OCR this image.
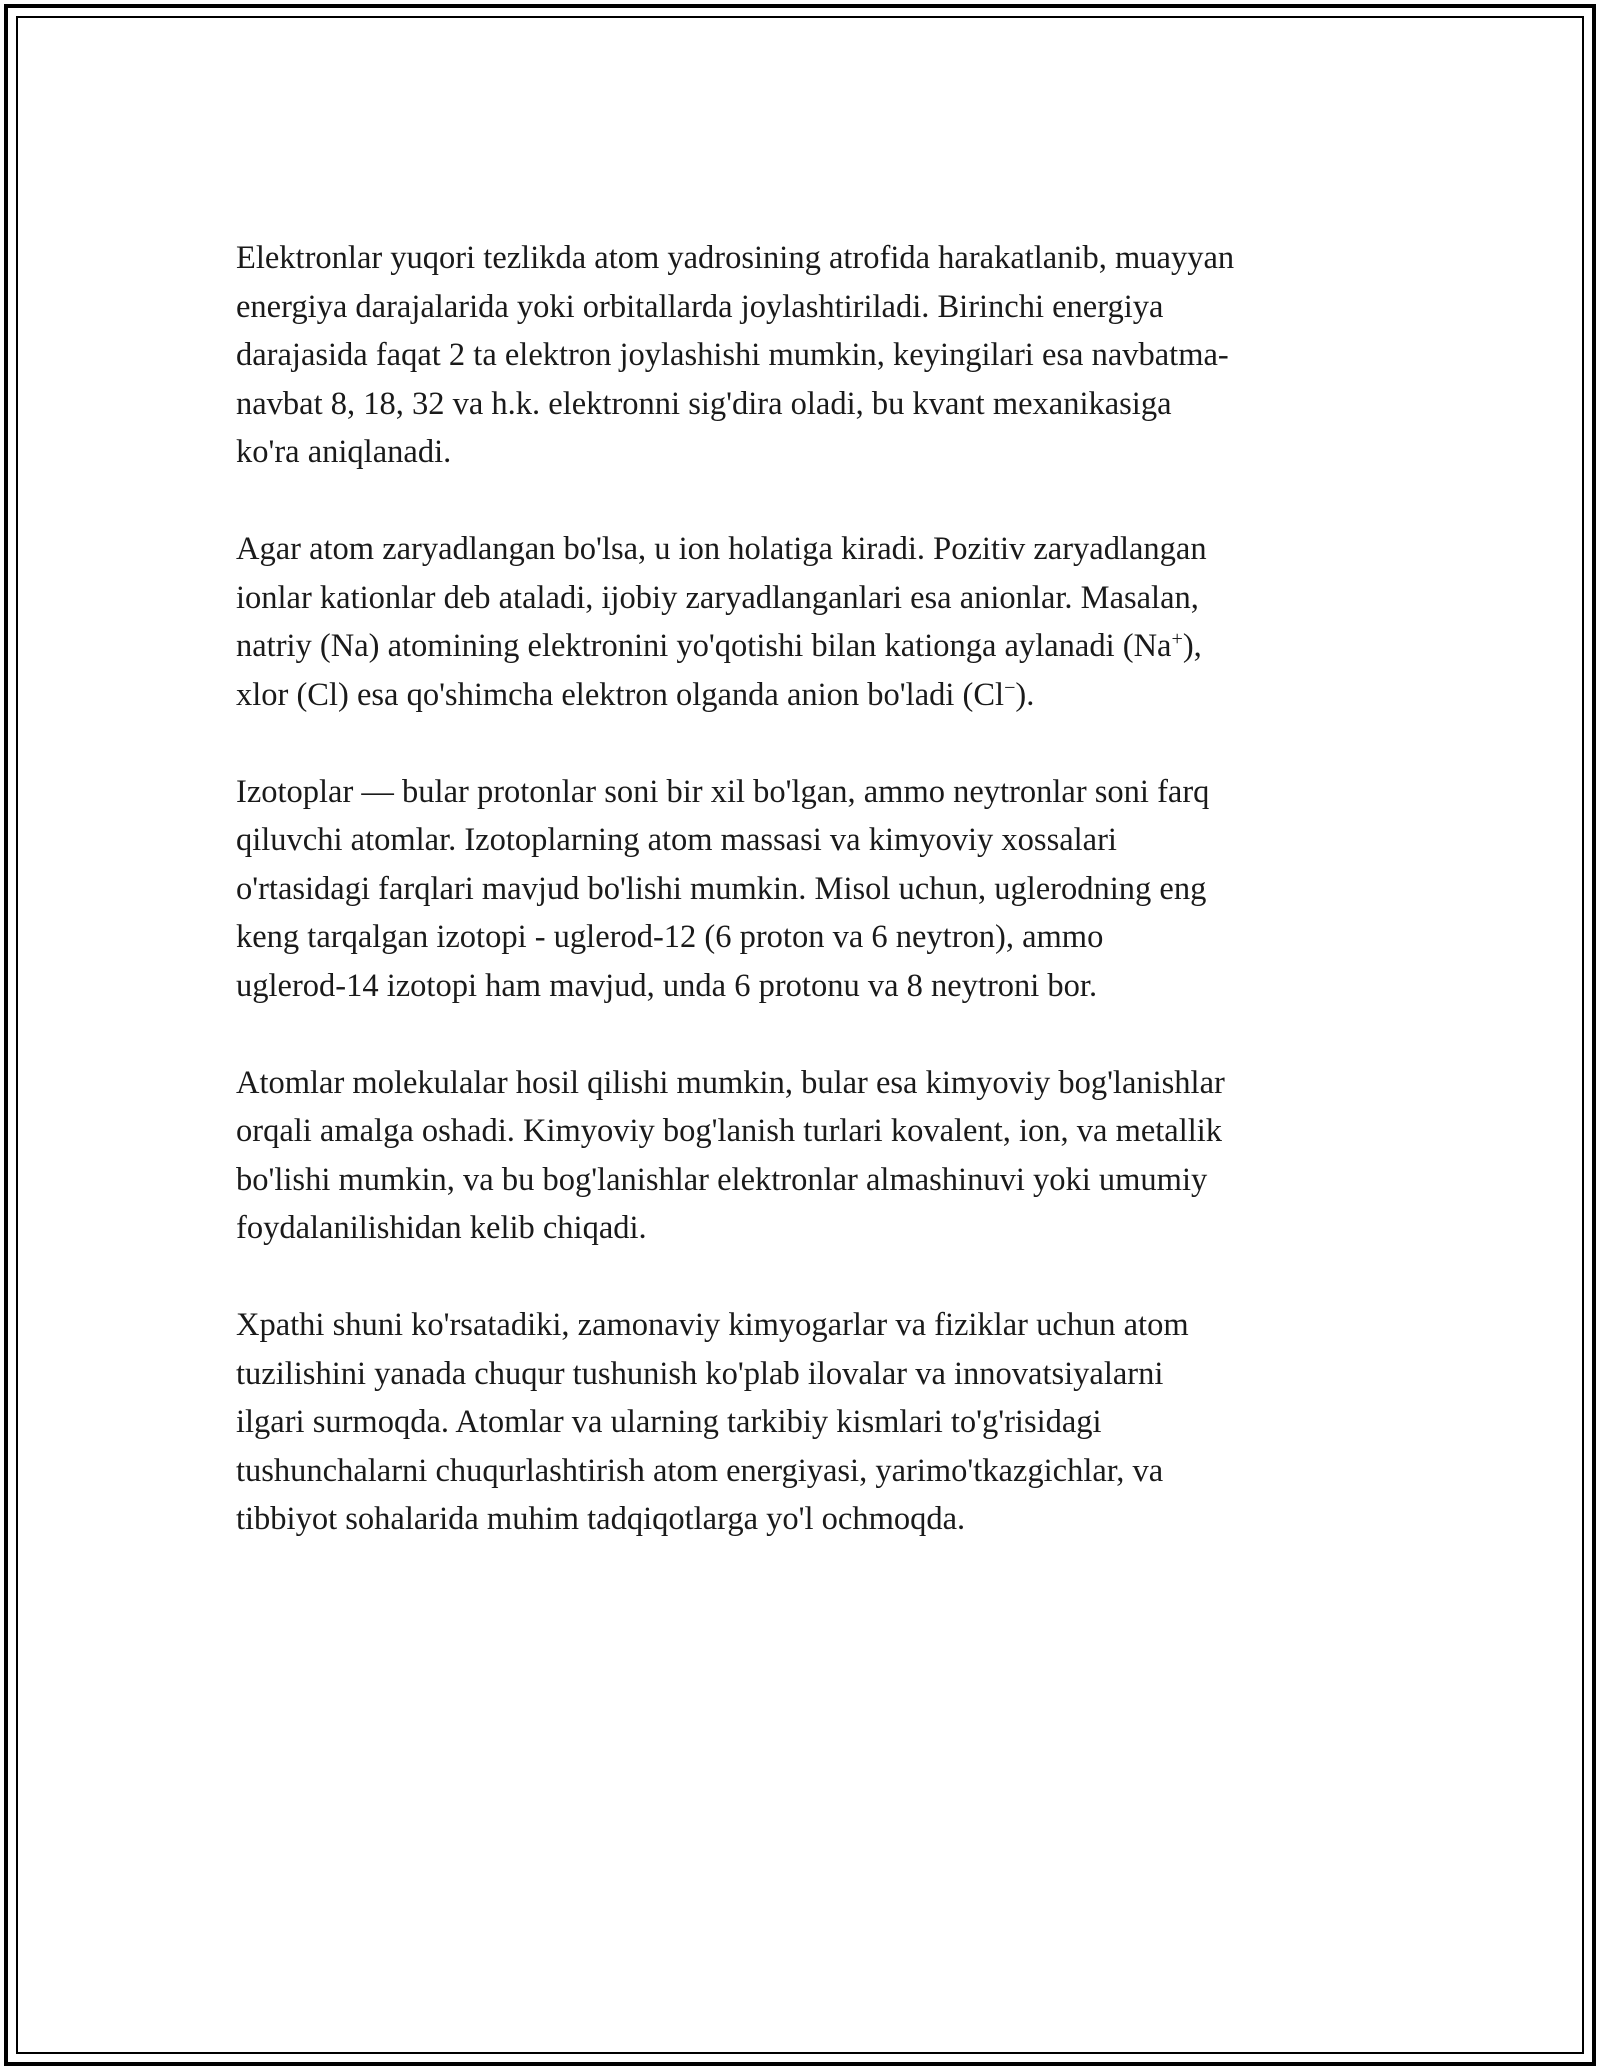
Elektronlar yuqori tezlikda atom yadrosining atrofida harakatlanib, muayyan
energiya darajalarida yoki orbitallarda joylashtiriladi. Birinchi energiya
darajasida faqat 2 ta elektron joylashishi mumkin, keyingilari esa navbatma-
navbat 8, 18, 32 va h.k. elektronni sig'dira oladi, bu kvant mexanikasiga
ko'ra aniqlanadi.

Agar atom zaryadlangan bo'lsa, u ion holatiga kiradi. Pozitiv zaryadlangan
ionlar kationlar deb ataladi, ijobiy zaryadlanganlari esa anionlar. Masalan,
natriy (Na) atomining elektronini yo'qotishi bilan kationga aylanadi (Na+),
xlor (Cl) esa qo'shimcha elektron olganda anion bo'ladi (Cl−).

Izotoplar — bular protonlar soni bir xil bo'lgan, ammo neytronlar soni farq
qiluvchi atomlar. Izotoplarning atom massasi va kimyoviy xossalari
o'rtasidagi farqlari mavjud bo'lishi mumkin. Misol uchun, uglerodning eng
keng tarqalgan izotopi - uglerod-12 (6 proton va 6 neytron), ammo
uglerod-14 izotopi ham mavjud, unda 6 protonu va 8 neytroni bor.

Atomlar molekulalar hosil qilishi mumkin, bular esa kimyoviy bog'lanishlar
orqali amalga oshadi. Kimyoviy bog'lanish turlari kovalent, ion, va metallik
bo'lishi mumkin, va bu bog'lanishlar elektronlar almashinuvi yoki umumiy
foydalanilishidan kelib chiqadi.

Xpathi shuni ko'rsatadiki, zamonaviy kimyogarlar va fiziklar uchun atom
tuzilishini yanada chuqur tushunish ko'plab ilovalar va innovatsiyalarni
ilgari surmoqda. Atomlar va ularning tarkibiy kismlari to'g'risidagi
tushunchalarni chuqurlashtirish atom energiyasi, yarimo'tkazgichlar, va
tibbiyot sohalarida muhim tadqiqotlarga yo'l ochmoqda.
